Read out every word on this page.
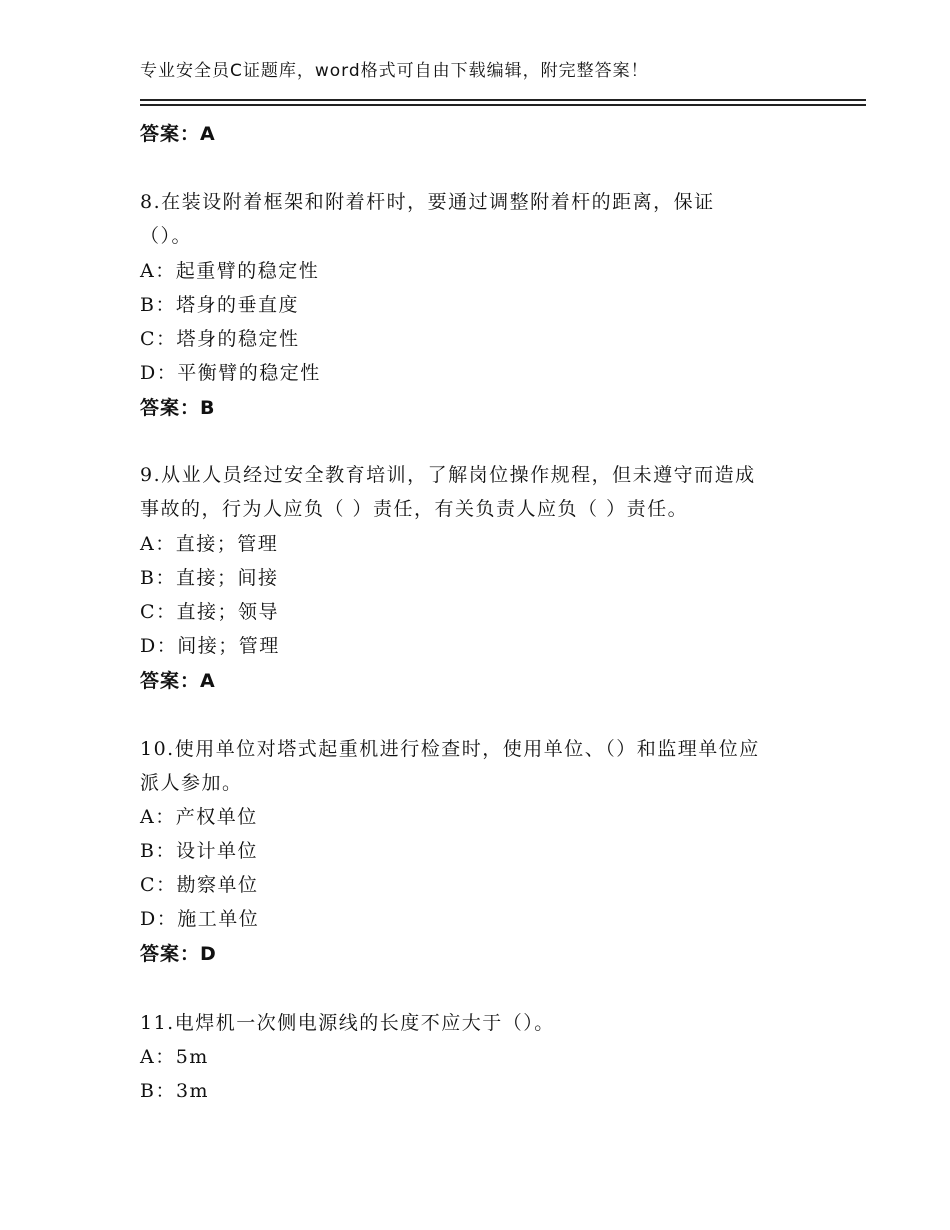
专业安全员C证题库，word格式可自由下载编辑，附完整答案！
答案：A
8.在装设附着框架和附着杆时，要通过调整附着杆的距离，保证
（）。
A：起重臂的稳定性
B：塔身的垂直度
C：塔身的稳定性
D：平衡臂的稳定性
答案：B
9.从业人员经过安全教育培训，了解岗位操作规程，但未遵守而造成
事故的，行为人应负（ ）责任，有关负责人应负（ ）责任。
A：直接；管理
B：直接；间接
C：直接；领导
D：间接；管理
答案：A
10.使用单位对塔式起重机进行检查时，使用单位、（）和监理单位应
派人参加。
A：产权单位
B：设计单位
C：勘察单位
D：施工单位
答案：D
11.电焊机一次侧电源线的长度不应大于（）。
A：5m
B：3m
